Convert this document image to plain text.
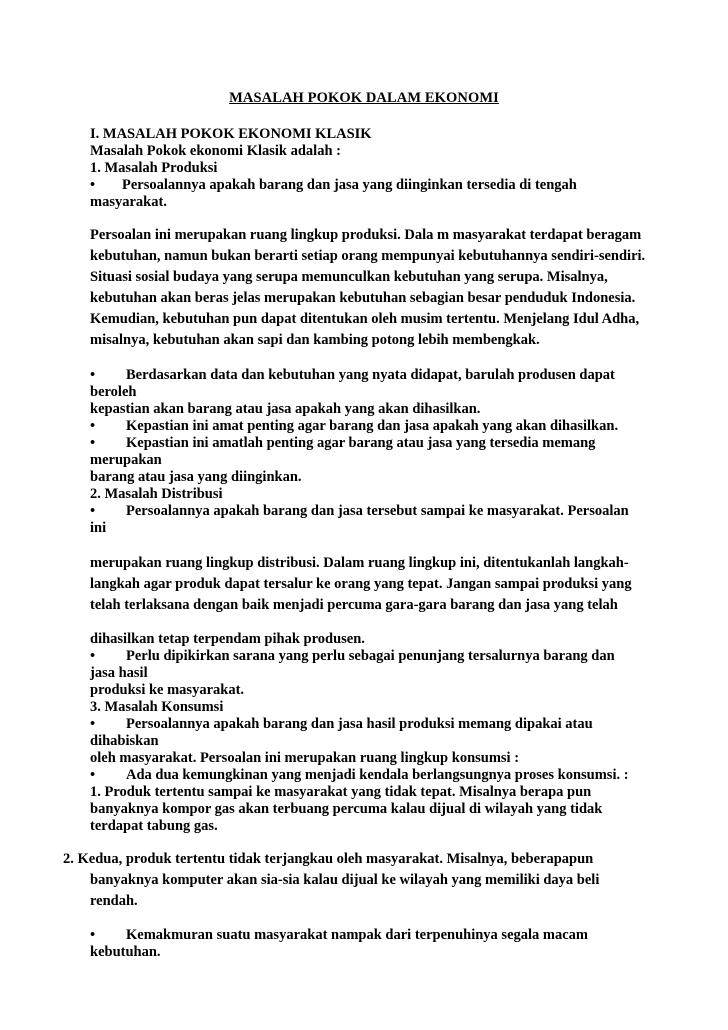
MASALAH POKOK DALAM EKONOMI
I. MASALAH POKOK EKONOMI KLASIK
Masalah Pokok ekonomi Klasik adalah :
1. Masalah Produksi
• Persoalannya apakah barang dan jasa yang diinginkan tersedia di tengah
masyarakat.
Persoalan ini merupakan ruang lingkup produksi. Dala m masyarakat terdapat beragam
kebutuhan, namun bukan berarti setiap orang mempunyai kebutuhannya sendiri-sendiri.
Situasi sosial budaya yang serupa memunculkan kebutuhan yang serupa. Misalnya,
kebutuhan akan beras jelas merupakan kebutuhan sebagian besar penduduk Indonesia.
Kemudian, kebutuhan pun dapat ditentukan oleh musim tertentu. Menjelang Idul Adha,
misalnya, kebutuhan akan sapi dan kambing potong lebih membengkak.
• Berdasarkan data dan kebutuhan yang nyata didapat, barulah produsen dapat
beroleh
kepastian akan barang atau jasa apakah yang akan dihasilkan.
• Kepastian ini amat penting agar barang dan jasa apakah yang akan dihasilkan.
• Kepastian ini amatlah penting agar barang atau jasa yang tersedia memang
merupakan
barang atau jasa yang diinginkan.
2. Masalah Distribusi
• Persoalannya apakah barang dan jasa tersebut sampai ke masyarakat. Persoalan
ini
merupakan ruang lingkup distribusi. Dalam ruang lingkup ini, ditentukanlah langkah-
langkah agar produk dapat tersalur ke orang yang tepat. Jangan sampai produksi yang
telah terlaksana dengan baik menjadi percuma gara-gara barang dan jasa yang telah
dihasilkan tetap terpendam pihak produsen.
• Perlu dipikirkan sarana yang perlu sebagai penunjang tersalurnya barang dan
jasa hasil
produksi ke masyarakat.
3. Masalah Konsumsi
• Persoalannya apakah barang dan jasa hasil produksi memang dipakai atau
dihabiskan
oleh masyarakat. Persoalan ini merupakan ruang lingkup konsumsi :
• Ada dua kemungkinan yang menjadi kendala berlangsungnya proses konsumsi. :
1. Produk tertentu sampai ke masyarakat yang tidak tepat. Misalnya berapa pun
banyaknya kompor gas akan terbuang percuma kalau dijual di wilayah yang tidak
terdapat tabung gas.
2. Kedua, produk tertentu tidak terjangkau oleh masyarakat. Misalnya, beberapapun
banyaknya komputer akan sia-sia kalau dijual ke wilayah yang memiliki daya beli
rendah.
• Kemakmuran suatu masyarakat nampak dari terpenuhinya segala macam
kebutuhan.
